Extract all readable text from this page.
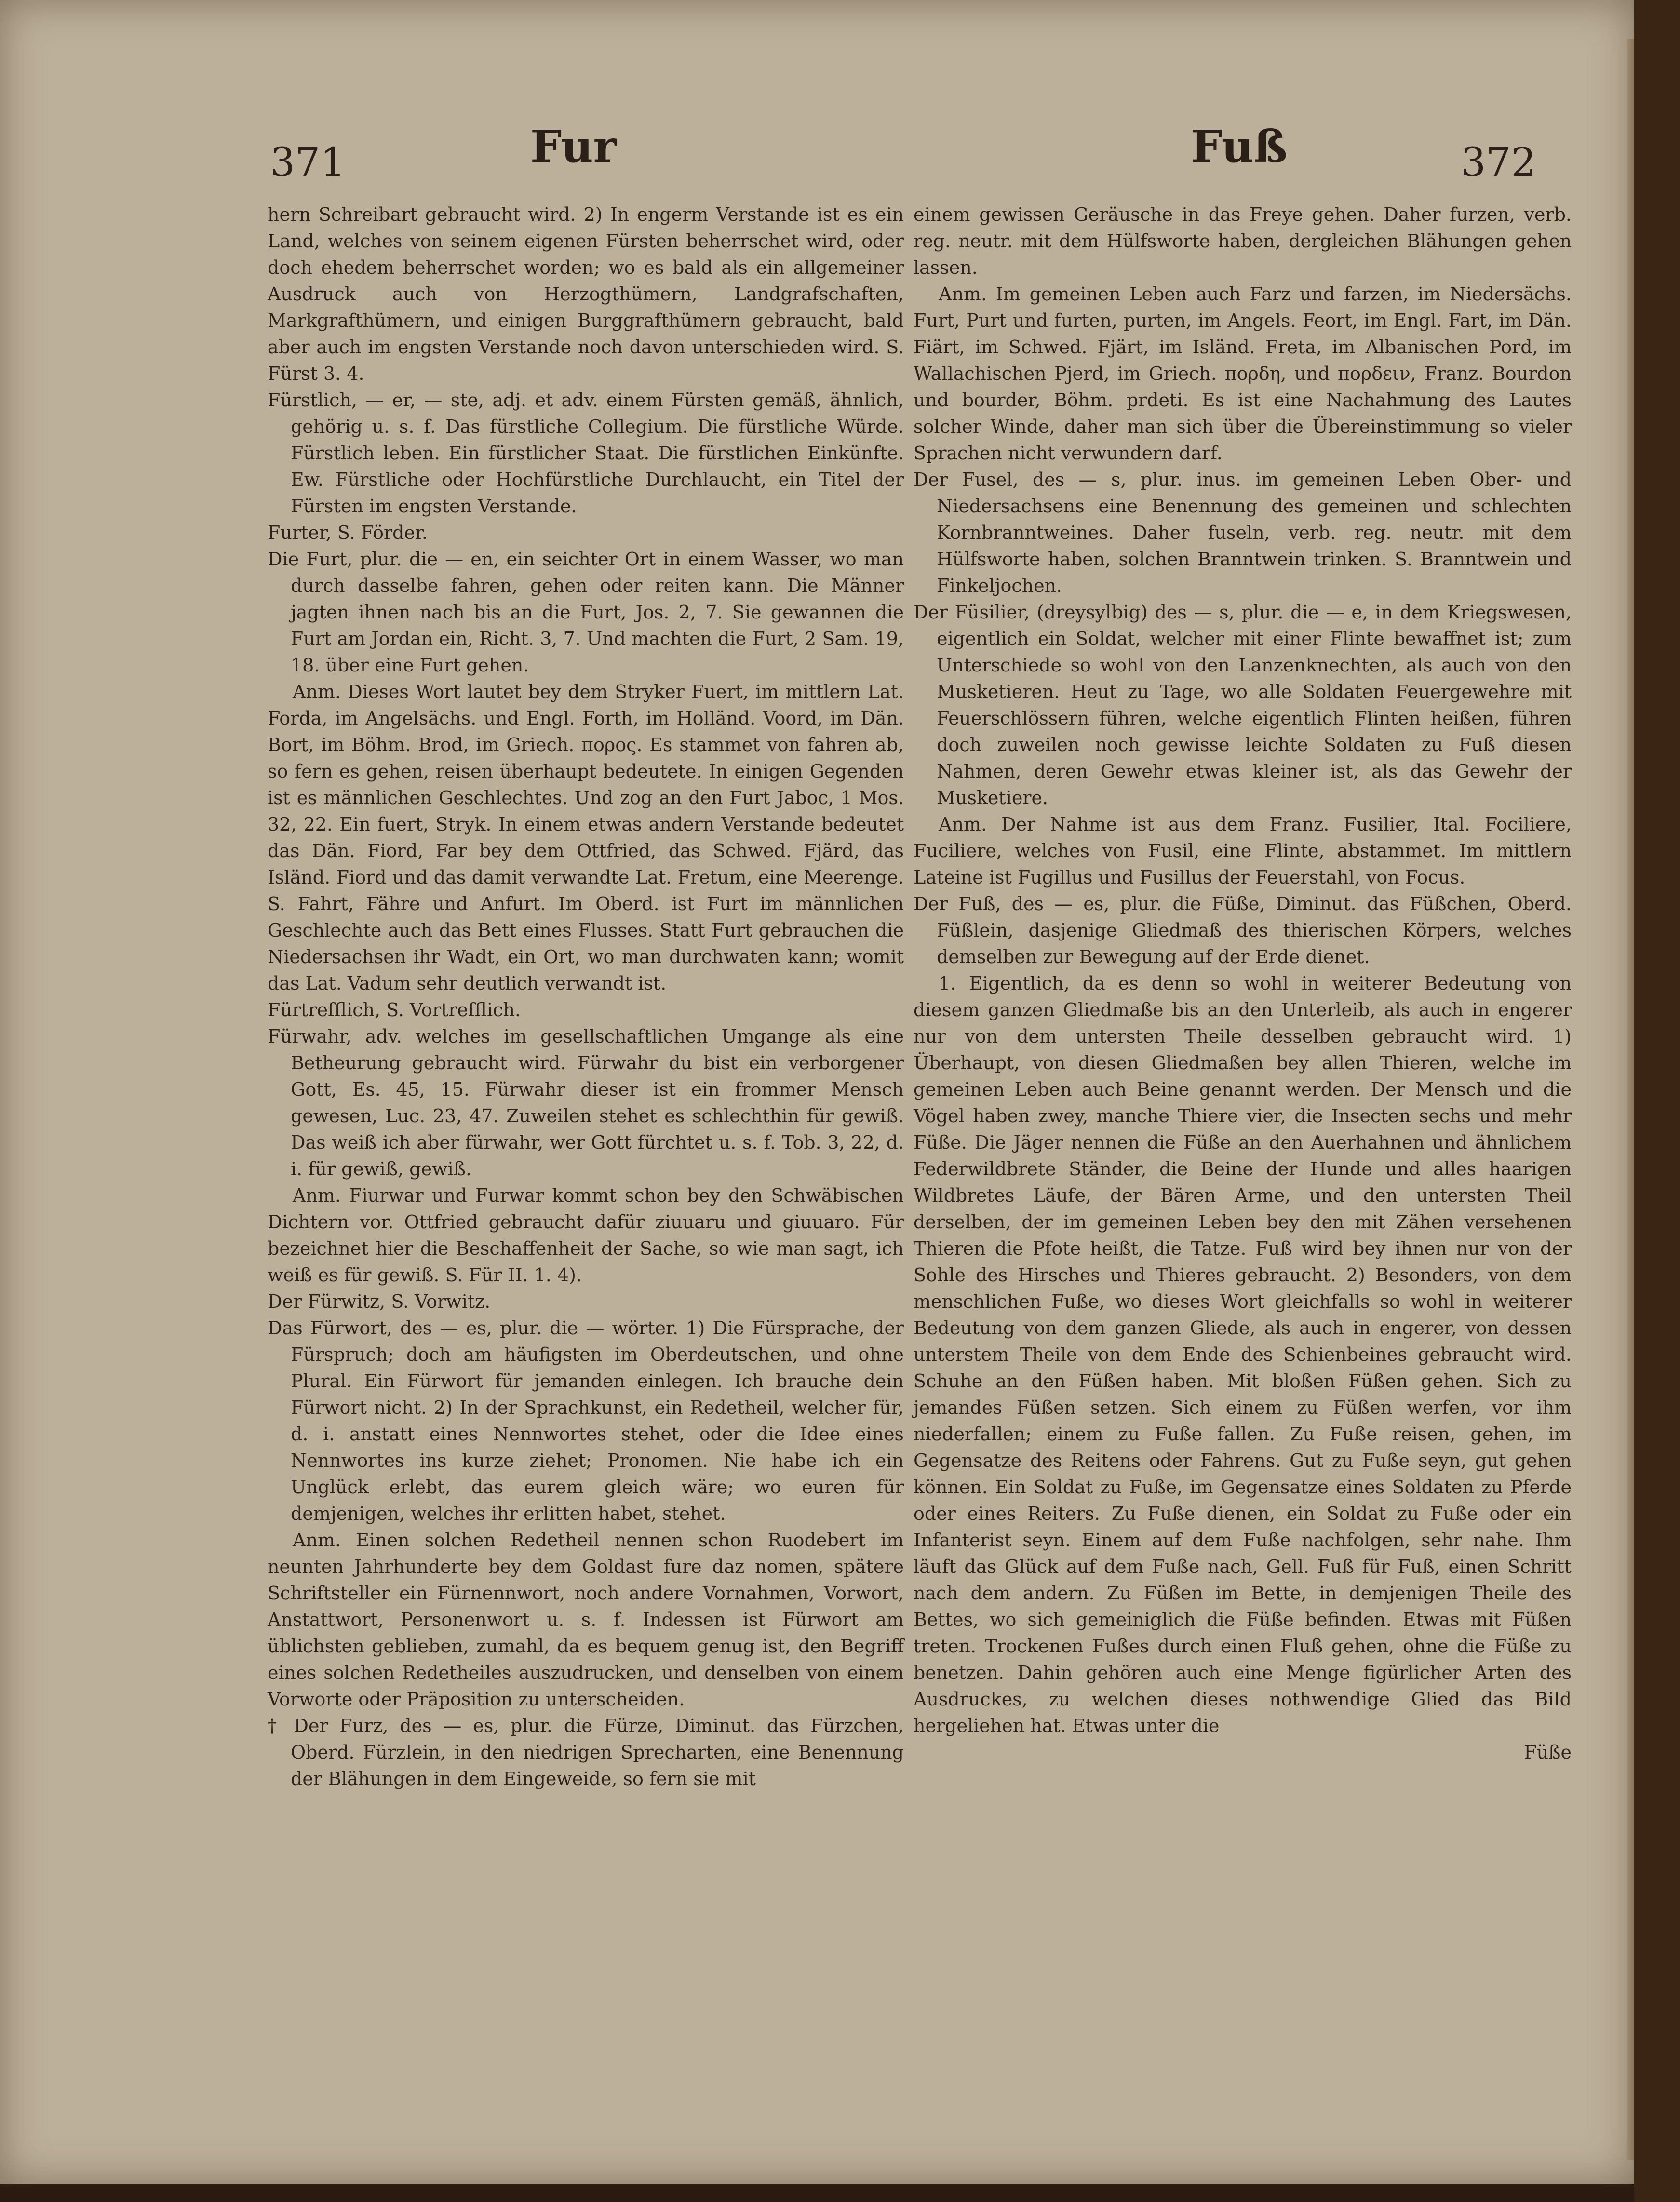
371	Fur	Fuß	372

hern Schreibart gebraucht wird. 2) In engerm Verstande ist es ein Land, welches von seinem eigenen Fürsten beherrschet wird, oder doch ehedem beherrschet worden; wo es bald als ein allgemeiner Ausdruck auch von Herzogthümern, Landgrafschaften, Markgrafthümern, und einigen Burggrafthümern gebraucht, bald aber auch im engsten Verstande noch davon unterschieden wird. S. Fürst 3. 4.

Fürstlich, — er, — ste, adj. et adv. einem Fürsten gemäß, ähnlich, gehörig u. s. f. Das fürstliche Collegium. Die fürstliche Würde. Fürstlich leben. Ein fürstlicher Staat. Die fürstlichen Einkünfte. Ew. Fürstliche oder Hochfürstliche Durchlaucht, ein Titel der Fürsten im engsten Verstande.

Furter, S. Förder.

Die Furt, plur. die — en, ein seichter Ort in einem Wasser, wo man durch dasselbe fahren, gehen oder reiten kann. Die Männer jagten ihnen nach bis an die Furt, Jos. 2, 7. Sie gewannen die Furt am Jordan ein, Richt. 3, 7. Und machten die Furt, 2 Sam. 19, 18. über eine Furt gehen.

Anm. Dieses Wort lautet bey dem Stryker Fuert, im mittlern Lat. Forda, im Angelsächs. und Engl. Forth, im Holländ. Voord, im Dän. Bort, im Böhm. Brod, im Griech. πορος. Es stammet von fahren ab, so fern es gehen, reisen überhaupt bedeutete. In einigen Gegenden ist es männlichen Geschlechtes. Und zog an den Furt Jaboc, 1 Mos. 32, 22. Ein fuert, Stryk. In einem etwas andern Verstande bedeutet das Dän. Fiord, Far bey dem Ottfried, das Schwed. Fjärd, das Isländ. Fiord und das damit verwandte Lat. Fretum, eine Meerenge. S. Fahrt, Fähre und Anfurt. Im Oberd. ist Furt im männlichen Geschlechte auch das Bett eines Flusses. Statt Furt gebrauchen die Niedersachsen ihr Wadt, ein Ort, wo man durchwaten kann; womit das Lat. Vadum sehr deutlich verwandt ist.

Fürtrefflich, S. Vortrefflich.

Fürwahr, adv. welches im gesellschaftlichen Umgange als eine Betheurung gebraucht wird. Fürwahr du bist ein verborgener Gott, Es. 45, 15. Fürwahr dieser ist ein frommer Mensch gewesen, Luc. 23, 47. Zuweilen stehet es schlechthin für gewiß. Das weiß ich aber fürwahr, wer Gott fürchtet u. s. f. Tob. 3, 22, d. i. für gewiß, gewiß.

Anm. Fiurwar und Furwar kommt schon bey den Schwäbischen Dichtern vor. Ottfried gebraucht dafür ziuuaru und giuuaro. Für bezeichnet hier die Beschaffenheit der Sache, so wie man sagt, ich weiß es für gewiß. S. Für II. 1. 4).

Der Fürwitz, S. Vorwitz.

Das Fürwort, des — es, plur. die — wörter. 1) Die Fürsprache, der Fürspruch; doch am häufigsten im Oberdeutschen, und ohne Plural. Ein Fürwort für jemanden einlegen. Ich brauche dein Fürwort nicht. 2) In der Sprachkunst, ein Redetheil, welcher für, d. i. anstatt eines Nennwortes stehet, oder die Idee eines Nennwortes ins kurze ziehet; Pronomen. Nie habe ich ein Unglück erlebt, das eurem gleich wäre; wo euren für demjenigen, welches ihr erlitten habet, stehet.

Anm. Einen solchen Redetheil nennen schon Ruodebert im neunten Jahrhunderte bey dem Goldast fure daz nomen, spätere Schriftsteller ein Fürnennwort, noch andere Vornahmen, Vorwort, Anstattwort, Personenwort u. s. f. Indessen ist Fürwort am üblichsten geblieben, zumahl, da es bequem genug ist, den Begriff eines solchen Redetheiles auszudrucken, und denselben von einem Vorworte oder Präposition zu unterscheiden.

† Der Furz, des — es, plur. die Fürze, Diminut. das Fürzchen, Oberd. Fürzlein, in den niedrigen Sprecharten, eine Benennung der Blähungen in dem Eingeweide, so fern sie mit

einem gewissen Geräusche in das Freye gehen. Daher furzen, verb. reg. neutr. mit dem Hülfsworte haben, dergleichen Blähungen gehen lassen.

Anm. Im gemeinen Leben auch Farz und farzen, im Niedersächs. Furt, Purt und furten, purten, im Angels. Feort, im Engl. Fart, im Dän. Fiärt, im Schwed. Fjärt, im Isländ. Freta, im Albanischen Pord, im Wallachischen Pjerd, im Griech. πορδη, und πορδειν, Franz. Bourdon und bourder, Böhm. prdeti. Es ist eine Nachahmung des Lautes solcher Winde, daher man sich über die Übereinstimmung so vieler Sprachen nicht verwundern darf.

Der Fusel, des — s, plur. inus. im gemeinen Leben Ober- und Niedersachsens eine Benennung des gemeinen und schlechten Kornbranntweines. Daher fuseln, verb. reg. neutr. mit dem Hülfsworte haben, solchen Branntwein trinken. S. Branntwein und Finkeljochen.

Der Füsilier, (dreysylbig) des — s, plur. die — e, in dem Kriegswesen, eigentlich ein Soldat, welcher mit einer Flinte bewaffnet ist; zum Unterschiede so wohl von den Lanzenknechten, als auch von den Musketieren. Heut zu Tage, wo alle Soldaten Feuergewehre mit Feuerschlössern führen, welche eigentlich Flinten heißen, führen doch zuweilen noch gewisse leichte Soldaten zu Fuß diesen Nahmen, deren Gewehr etwas kleiner ist, als das Gewehr der Musketiere.

Anm. Der Nahme ist aus dem Franz. Fusilier, Ital. Fociliere, Fuciliere, welches von Fusil, eine Flinte, abstammet. Im mittlern Lateine ist Fugillus und Fusillus der Feuerstahl, von Focus.

Der Fuß, des — es, plur. die Füße, Diminut. das Füßchen, Oberd. Füßlein, dasjenige Gliedmaß des thierischen Körpers, welches demselben zur Bewegung auf der Erde dienet.

1. Eigentlich, da es denn so wohl in weiterer Bedeutung von diesem ganzen Gliedmaße bis an den Unterleib, als auch in engerer nur von dem untersten Theile desselben gebraucht wird. 1) Überhaupt, von diesen Gliedmaßen bey allen Thieren, welche im gemeinen Leben auch Beine genannt werden. Der Mensch und die Vögel haben zwey, manche Thiere vier, die Insecten sechs und mehr Füße. Die Jäger nennen die Füße an den Auerhahnen und ähnlichem Federwildbrete Ständer, die Beine der Hunde und alles haarigen Wildbretes Läufe, der Bären Arme, und den untersten Theil derselben, der im gemeinen Leben bey den mit Zähen versehenen Thieren die Pfote heißt, die Tatze. Fuß wird bey ihnen nur von der Sohle des Hirsches und Thieres gebraucht. 2) Besonders, von dem menschlichen Fuße, wo dieses Wort gleichfalls so wohl in weiterer Bedeutung von dem ganzen Gliede, als auch in engerer, von dessen unterstem Theile von dem Ende des Schienbeines gebraucht wird. Schuhe an den Füßen haben. Mit bloßen Füßen gehen. Sich zu jemandes Füßen setzen. Sich einem zu Füßen werfen, vor ihm niederfallen; einem zu Fuße fallen. Zu Fuße reisen, gehen, im Gegensatze des Reitens oder Fahrens. Gut zu Fuße seyn, gut gehen können. Ein Soldat zu Fuße, im Gegensatze eines Soldaten zu Pferde oder eines Reiters. Zu Fuße dienen, ein Soldat zu Fuße oder ein Infanterist seyn. Einem auf dem Fuße nachfolgen, sehr nahe. Ihm läuft das Glück auf dem Fuße nach, Gell. Fuß für Fuß, einen Schritt nach dem andern. Zu Füßen im Bette, in demjenigen Theile des Bettes, wo sich gemeiniglich die Füße befinden. Etwas mit Füßen treten. Trockenen Fußes durch einen Fluß gehen, ohne die Füße zu benetzen. Dahin gehören auch eine Menge figürlicher Arten des Ausdruckes, zu welchen dieses nothwendige Glied das Bild hergeliehen hat. Etwas unter die

Füße
